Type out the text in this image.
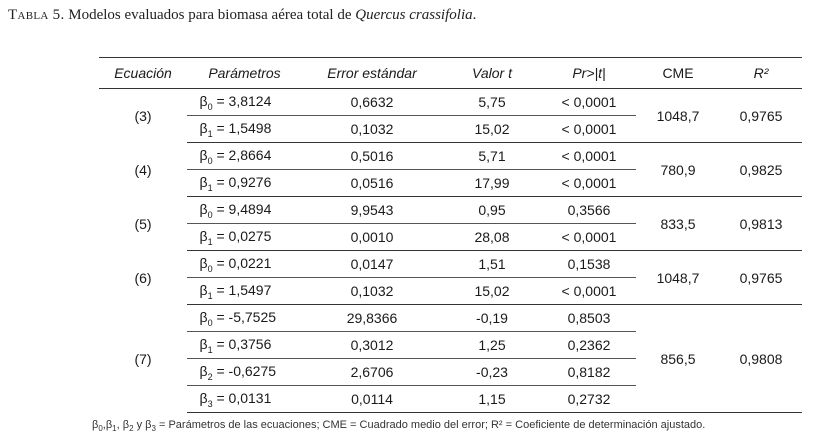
Tabla 5. Modelos evaluados para biomasa aérea total de Quercus crassifolia.
Ecuación	Parámetros	Error estándar	Valor t	Pr>|t|	CME	R²
(3)	$\beta_0 = 3,8124$	0,6632	5,75	< 0,0001	1048,7	0,9765
	$\beta_1 = 1,5498$	0,1032	15,02	< 0,0001		
(4)	$\beta_0 = 2,8664$	0,5016	5,71	< 0,0001	780,9	0,9825
	$\beta_1 = 0,9276$	0,0516	17,99	< 0,0001		
(5)	$\beta_0 = 9,4894$	9,9543	0,95	0,3566	833,5	0,9813
	$\beta_1 = 0,0275$	0,0010	28,08	< 0,0001		
(6)	$\beta_0 = 0,0221$	0,0147	1,51	0,1538	1048,7	0,9765
	$\beta_1 = 1,5497$	0,1032	15,02	< 0,0001		
(7)	$\beta_0 = -5,7525$	29,8366	-0,19	0,8503	856,5	0,9808
	$\beta_1 = 0,3756$	0,3012	1,25	0,2362		
	$\beta_2 = -0,6275$	2,6706	-0,23	0,8182		
	$\beta_3 = 0,0131$	0,0114	1,15	0,2732		
$\beta_0,\beta_1$, $\beta_2$ y $\beta_3$ = Parámetros de las ecuaciones; CME = Cuadrado medio del error; R² = Coeficiente de determinación ajustado.
